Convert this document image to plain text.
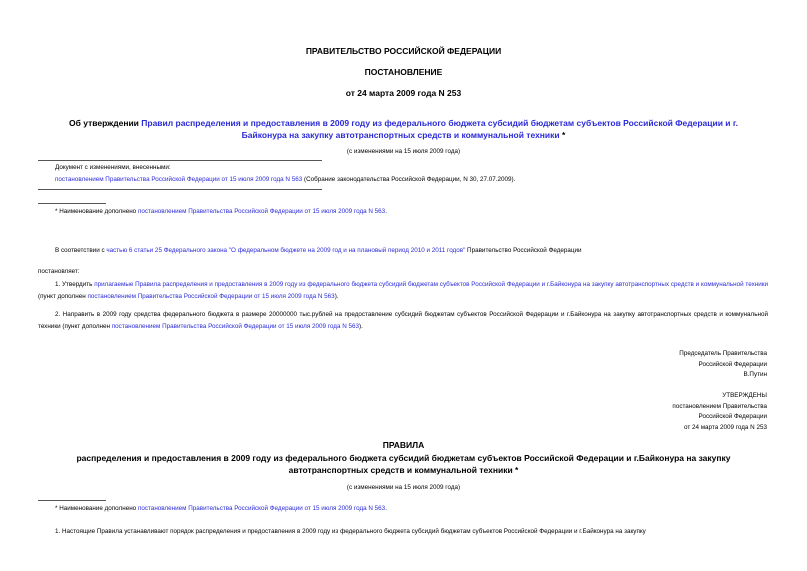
ПРАВИТЕЛЬСТВО РОССИЙСКОЙ ФЕДЕРАЦИИ
ПОСТАНОВЛЕНИЕ
от 24 марта 2009 года N 253
Об утверждении Правил распределения и предоставления в 2009 году из федерального бюджета субсидий бюджетам субъектов Российской Федерации и г.
Байконура на закупку автотранспортных средств и коммунальной техники *
(с изменениями на 15 июля 2009 года)
Документ с изменениями, внесенными:
постановлением Правительства Российской Федерации от 15 июля 2009 года N 563 (Собрание законодательства Российской Федерации, N 30, 27.07.2009).
* Наименование дополнено постановлением Правительства Российской Федерации от 15 июля 2009 года N 563.
В соответствии с частью 6 статьи 25 Федерального закона "О федеральном бюджете на 2009 год и на плановый период 2010 и 2011 годов" Правительство Российской Федерации
постановляет:
1. Утвердить прилагаемые Правила распределения и предоставления в 2009 году из федерального бюджета субсидий бюджетам субъектов Российской Федерации и г.Байконура на закупку автотранспортных средств и коммунальной техники (пункт дополнен постановлением Правительства Российской Федерации от 15 июля 2009 года N 563).
2. Направить в 2009 году средства федерального бюджета в размере 20000000 тыс.рублей на предоставление субсидий бюджетам субъектов Российской Федерации и г.Байконура на закупку автотранспортных средств и коммунальной техники (пункт дополнен постановлением Правительства Российской Федерации от 15 июля 2009 года N 563).
Председатель Правительства
Российской Федерации
В.Путин
УТВЕРЖДЕНЫ
постановлением Правительства
Российской Федерации
от 24 марта 2009 года N 253
ПРАВИЛА
распределения и предоставления в 2009 году из федерального бюджета субсидий бюджетам субъектов Российской Федерации и г.Байконура на закупку
автотранспортных средств и коммунальной техники *
(с изменениями на 15 июля 2009 года)
* Наименование дополнено постановлением Правительства Российской Федерации от 15 июля 2009 года N 563.
1. Настоящие Правила устанавливают порядок распределения и предоставления в 2009 году из федерального бюджета субсидий бюджетам субъектов Российской Федерации и г.Байконура на закупку
